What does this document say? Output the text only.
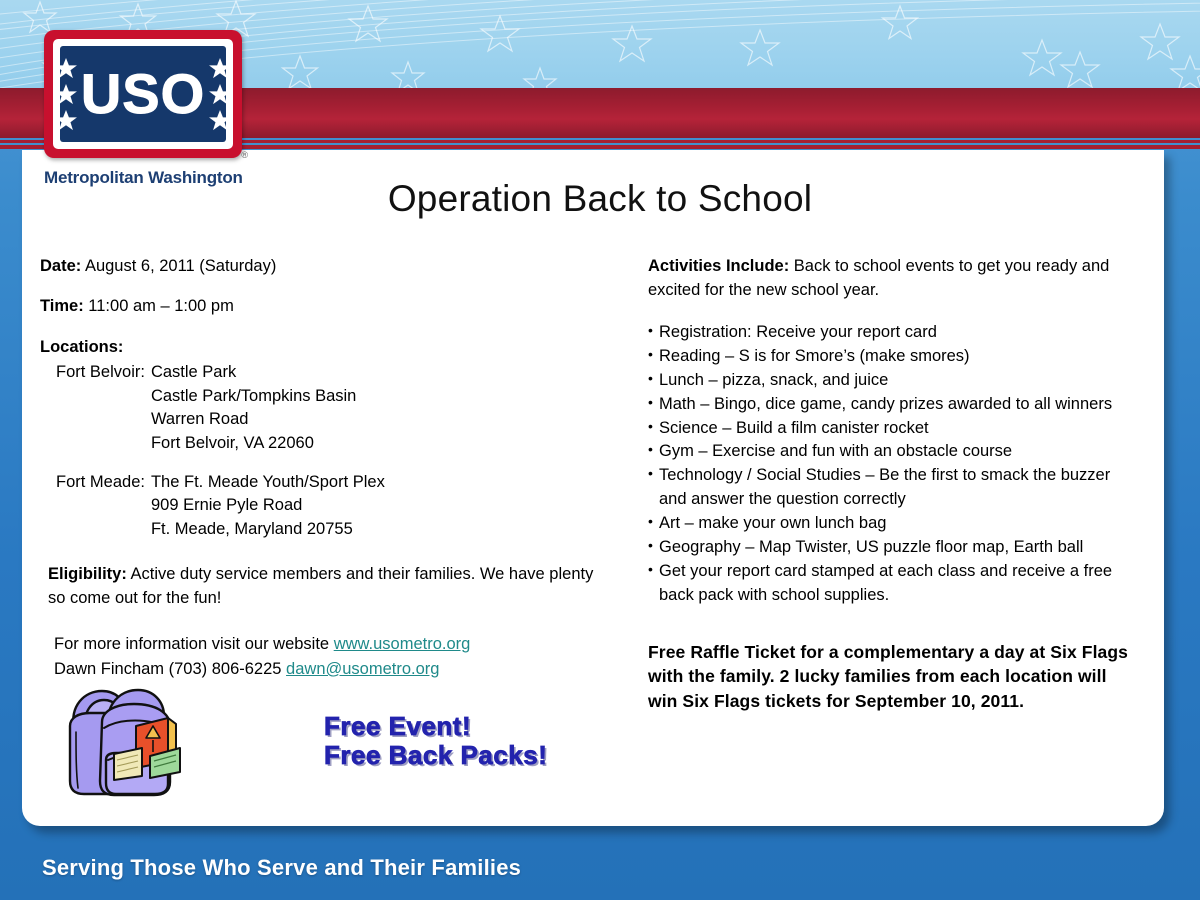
USO
®
Metropolitan Washington
Operation Back to School
Date: August 6, 2011 (Saturday)
Time: 11:00 am – 1:00 pm
Locations:
Fort Belvoir: Castle Park
Castle Park/Tompkins Basin
Warren Road
Fort Belvoir, VA 22060
Fort Meade: The Ft. Meade Youth/Sport Plex
909 Ernie Pyle Road
Ft. Meade, Maryland 20755
Eligibility: Active duty service members and their families. We have plenty so come out for the fun!
For more information visit our website www.usometro.org
Dawn Fincham (703) 806-6225 dawn@usometro.org
Free Event!
Free Back Packs!
Activities Include: Back to school events to get you ready and excited for the new school year.
• Registration: Receive your report card
• Reading – S is for Smore’s (make smores)
• Lunch – pizza, snack, and juice
• Math – Bingo, dice game, candy prizes awarded to all winners
• Science – Build a film canister rocket
• Gym – Exercise and fun with an obstacle course
• Technology / Social Studies – Be the first to smack the buzzer and answer the question correctly
• Art – make your own lunch bag
• Geography – Map Twister, US puzzle floor map, Earth ball
• Get your report card stamped at each class and receive a free back pack with school supplies.
Free Raffle Ticket for a complementary a day at Six Flags with the family. 2 lucky families from each location will win Six Flags tickets for September 10, 2011.
Serving Those Who Serve and Their Families
